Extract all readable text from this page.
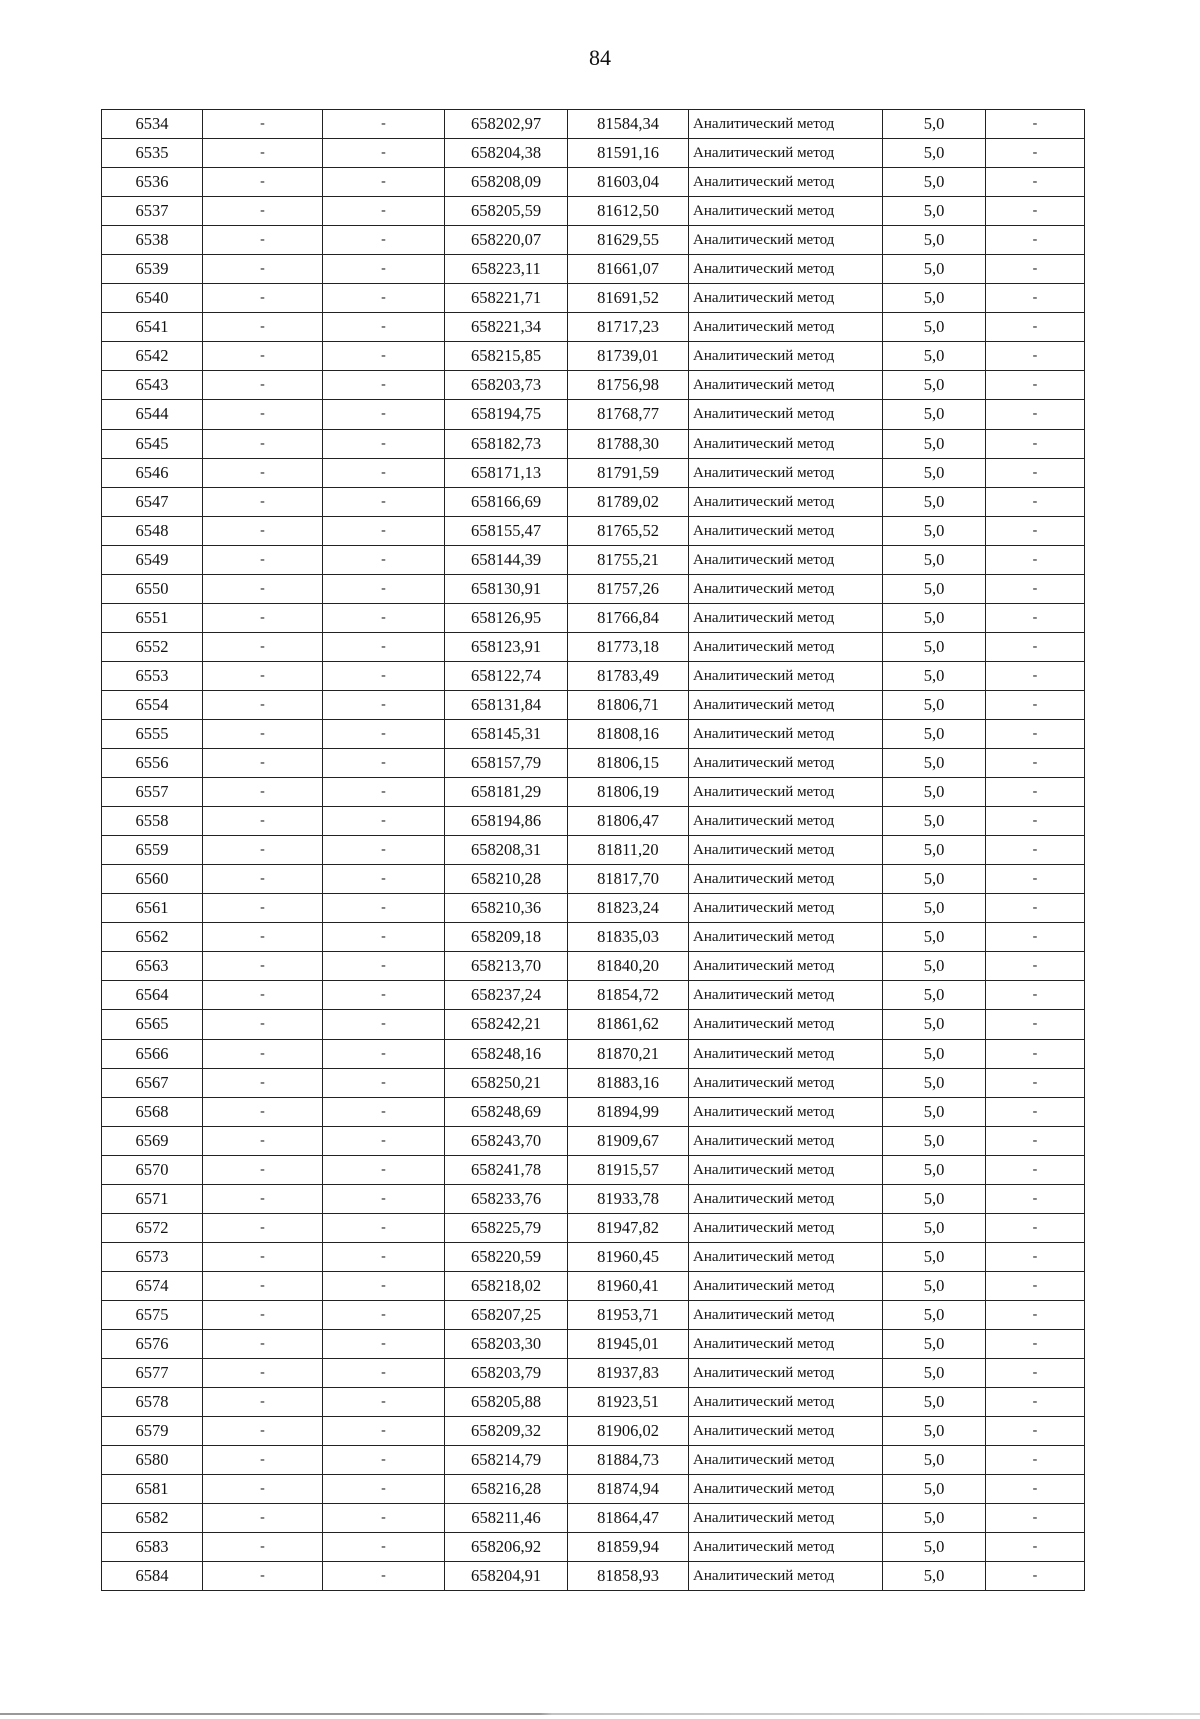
84
6534	-	-	658202,97	81584,34	Аналитический метод	5,0	-
6535	-	-	658204,38	81591,16	Аналитический метод	5,0	-
6536	-	-	658208,09	81603,04	Аналитический метод	5,0	-
6537	-	-	658205,59	81612,50	Аналитический метод	5,0	-
6538	-	-	658220,07	81629,55	Аналитический метод	5,0	-
6539	-	-	658223,11	81661,07	Аналитический метод	5,0	-
6540	-	-	658221,71	81691,52	Аналитический метод	5,0	-
6541	-	-	658221,34	81717,23	Аналитический метод	5,0	-
6542	-	-	658215,85	81739,01	Аналитический метод	5,0	-
6543	-	-	658203,73	81756,98	Аналитический метод	5,0	-
6544	-	-	658194,75	81768,77	Аналитический метод	5,0	-
6545	-	-	658182,73	81788,30	Аналитический метод	5,0	-
6546	-	-	658171,13	81791,59	Аналитический метод	5,0	-
6547	-	-	658166,69	81789,02	Аналитический метод	5,0	-
6548	-	-	658155,47	81765,52	Аналитический метод	5,0	-
6549	-	-	658144,39	81755,21	Аналитический метод	5,0	-
6550	-	-	658130,91	81757,26	Аналитический метод	5,0	-
6551	-	-	658126,95	81766,84	Аналитический метод	5,0	-
6552	-	-	658123,91	81773,18	Аналитический метод	5,0	-
6553	-	-	658122,74	81783,49	Аналитический метод	5,0	-
6554	-	-	658131,84	81806,71	Аналитический метод	5,0	-
6555	-	-	658145,31	81808,16	Аналитический метод	5,0	-
6556	-	-	658157,79	81806,15	Аналитический метод	5,0	-
6557	-	-	658181,29	81806,19	Аналитический метод	5,0	-
6558	-	-	658194,86	81806,47	Аналитический метод	5,0	-
6559	-	-	658208,31	81811,20	Аналитический метод	5,0	-
6560	-	-	658210,28	81817,70	Аналитический метод	5,0	-
6561	-	-	658210,36	81823,24	Аналитический метод	5,0	-
6562	-	-	658209,18	81835,03	Аналитический метод	5,0	-
6563	-	-	658213,70	81840,20	Аналитический метод	5,0	-
6564	-	-	658237,24	81854,72	Аналитический метод	5,0	-
6565	-	-	658242,21	81861,62	Аналитический метод	5,0	-
6566	-	-	658248,16	81870,21	Аналитический метод	5,0	-
6567	-	-	658250,21	81883,16	Аналитический метод	5,0	-
6568	-	-	658248,69	81894,99	Аналитический метод	5,0	-
6569	-	-	658243,70	81909,67	Аналитический метод	5,0	-
6570	-	-	658241,78	81915,57	Аналитический метод	5,0	-
6571	-	-	658233,76	81933,78	Аналитический метод	5,0	-
6572	-	-	658225,79	81947,82	Аналитический метод	5,0	-
6573	-	-	658220,59	81960,45	Аналитический метод	5,0	-
6574	-	-	658218,02	81960,41	Аналитический метод	5,0	-
6575	-	-	658207,25	81953,71	Аналитический метод	5,0	-
6576	-	-	658203,30	81945,01	Аналитический метод	5,0	-
6577	-	-	658203,79	81937,83	Аналитический метод	5,0	-
6578	-	-	658205,88	81923,51	Аналитический метод	5,0	-
6579	-	-	658209,32	81906,02	Аналитический метод	5,0	-
6580	-	-	658214,79	81884,73	Аналитический метод	5,0	-
6581	-	-	658216,28	81874,94	Аналитический метод	5,0	-
6582	-	-	658211,46	81864,47	Аналитический метод	5,0	-
6583	-	-	658206,92	81859,94	Аналитический метод	5,0	-
6584	-	-	658204,91	81858,93	Аналитический метод	5,0	-
